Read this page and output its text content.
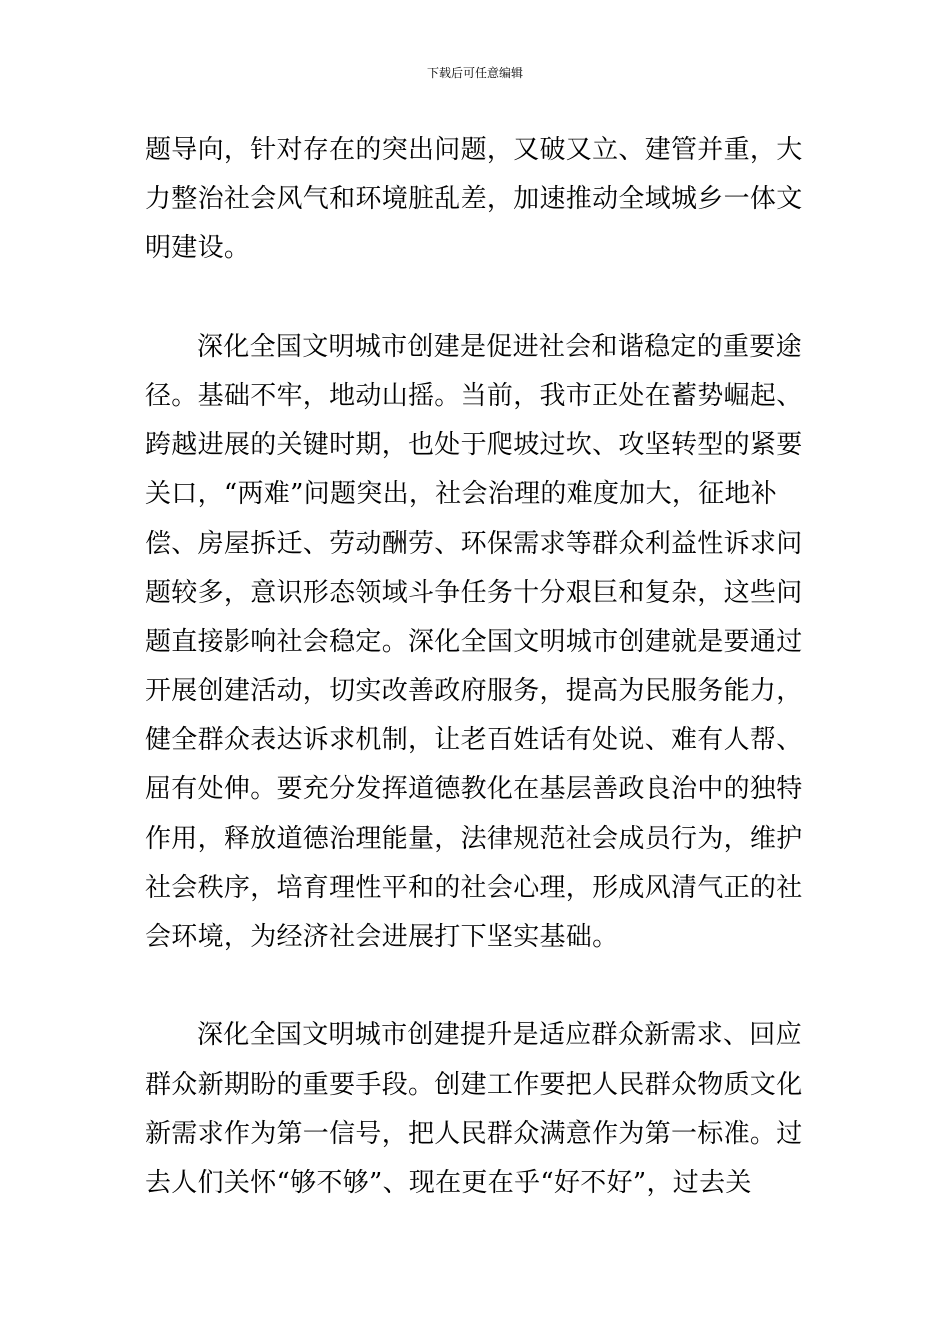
下载后可任意编辑
题导向，针对存在的突出问题，又破又立、建管并重，大
力整治社会风气和环境脏乱差，加速推动全域城乡一体文
明建设。
深化全国文明城市创建是促进社会和谐稳定的重要途
径。基础不牢，地动山摇。当前，我市正处在蓄势崛起、
跨越进展的关键时期，也处于爬坡过坎、攻坚转型的紧要
关口，“两难”问题突出，社会治理的难度加大，征地补
偿、房屋拆迁、劳动酬劳、环保需求等群众利益性诉求问
题较多，意识形态领域斗争任务十分艰巨和复杂，这些问
题直接影响社会稳定。深化全国文明城市创建就是要通过
开展创建活动，切实改善政府服务，提高为民服务能力，
健全群众表达诉求机制，让老百姓话有处说、难有人帮、
屈有处伸。要充分发挥道德教化在基层善政良治中的独特
作用，释放道德治理能量，法律规范社会成员行为，维护
社会秩序，培育理性平和的社会心理，形成风清气正的社
会环境，为经济社会进展打下坚实基础。
深化全国文明城市创建提升是适应群众新需求、回应
群众新期盼的重要手段。创建工作要把人民群众物质文化
新需求作为第一信号，把人民群众满意作为第一标准。过
去人们关怀“够不够”、现在更在乎“好不好”，过去关
